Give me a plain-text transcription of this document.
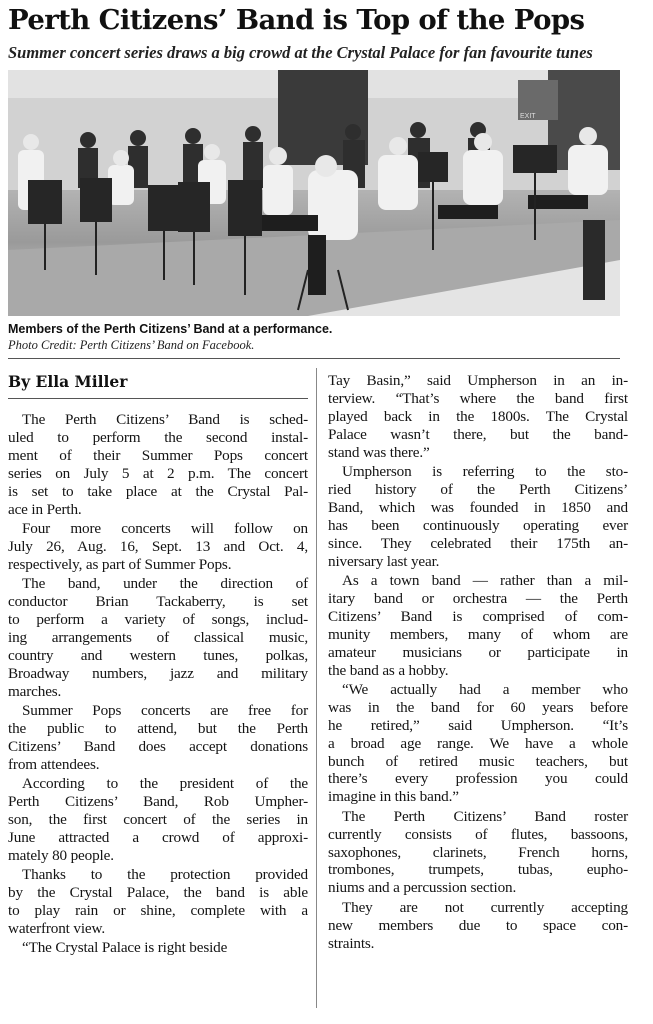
Perth Citizens’ Band is Top of the Pops
Summer concert series draws a big crowd at the Crystal Palace for fan favourite tunes
EXIT
Members of the Perth Citizens’ Band at a performance.
Photo Credit: Perth Citizens’ Band on Facebook.
By Ella Miller
The Perth Citizens’ Band is sched-
uled to perform the second instal-
ment of their Summer Pops concert
series on July 5 at 2 p.m. The concert
is set to take place at the Crystal Pal-
ace in Perth.
Four more concerts will follow on
July 26, Aug. 16, Sept. 13 and Oct. 4,
respectively, as part of Summer Pops.
The band, under the direction of
conductor Brian Tackaberry, is set
to perform a variety of songs, includ-
ing arrangements of classical music,
country and western tunes, polkas,
Broadway numbers, jazz and military
marches.
Summer Pops concerts are free for
the public to attend, but the Perth
Citizens’ Band does accept donations
from attendees.
According to the president of the
Perth Citizens’ Band, Rob Umpher-
son, the first concert of the series in
June attracted a crowd of approxi-
mately 80 people.
Thanks to the protection provided
by the Crystal Palace, the band is able
to play rain or shine, complete with a
waterfront view.
“The Crystal Palace is right beside
Tay Basin,” said Umpherson in an in-
terview. “That’s where the band first
played back in the 1800s. The Crystal
Palace wasn’t there, but the band-
stand was there.”
Umpherson is referring to the sto-
ried history of the Perth Citizens’
Band, which was founded in 1850 and
has been continuously operating ever
since. They celebrated their 175th an-
niversary last year.
As a town band — rather than a mil-
itary band or orchestra — the Perth
Citizens’ Band is comprised of com-
munity members, many of whom are
amateur musicians or participate in
the band as a hobby.
“We actually had a member who
was in the band for 60 years before
he retired,” said Umpherson. “It’s
a broad age range. We have a whole
bunch of retired music teachers, but
there’s every profession you could
imagine in this band.”
The Perth Citizens’ Band roster
currently consists of flutes, bassoons,
saxophones, clarinets, French horns,
trombones, trumpets, tubas, eupho-
niums and a percussion section.
They are not currently accepting
new members due to space con-
straints.
